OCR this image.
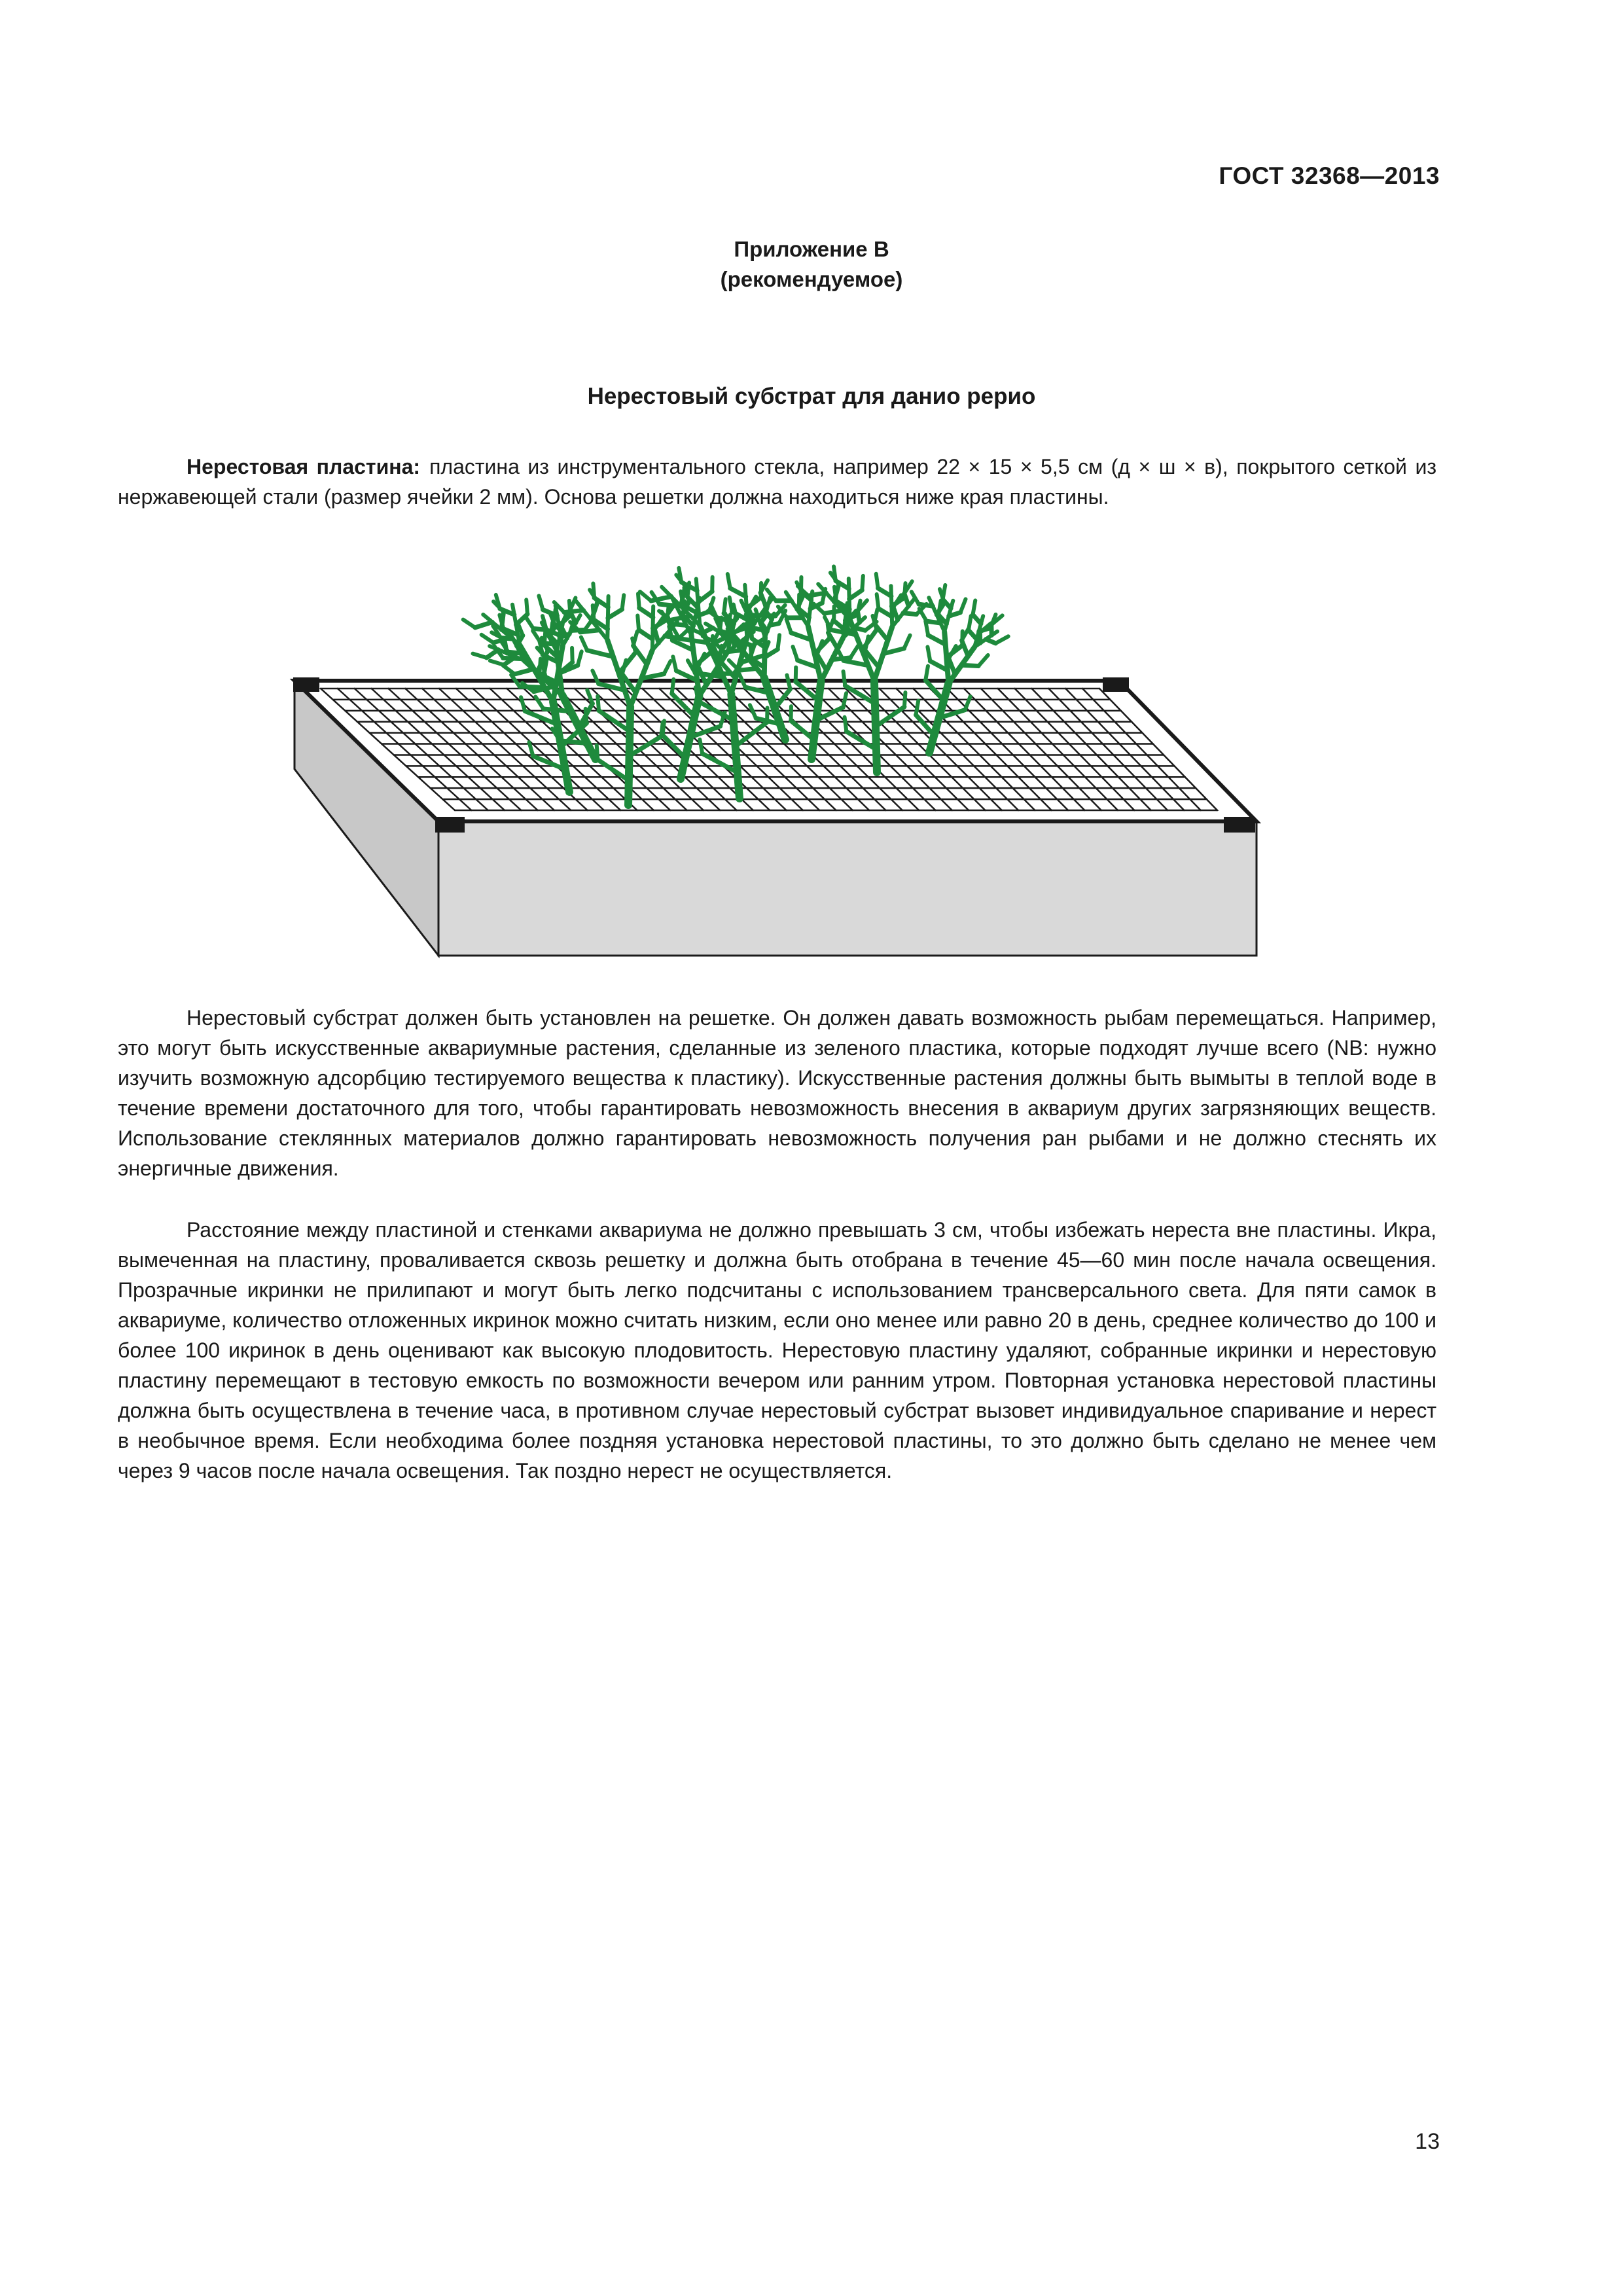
ГОСТ 32368—2013
Приложение В
(рекомендуемое)
Нерестовый субстрат для данио рерио

Нерестовая пластина: пластина из инструментального стекла, например 22 × 15 × 5,5 см (д × ш × в), покрытого сеткой из нержавеющей стали (размер ячейки 2 мм). Основа решетки должна находиться ниже края пластины.

Нерестовый субстрат должен быть установлен на решетке. Он должен давать возможность рыбам перемещаться. Например, это могут быть искусственные аквариумные растения, сделанные из зеленого пластика, которые подходят лучше всего (NB: нужно изучить возможную адсорбцию тестируемого вещества к пластику). Искусственные растения должны быть вымыты в теплой воде в течение времени достаточного для того, чтобы гарантировать невозможность внесения в аквариум других загрязняющих веществ. Использование стеклянных материалов должно гарантировать невозможность получения ран рыбами и не должно стеснять их энергичные движения.

Расстояние между пластиной и стенками аквариума не должно превышать 3 см, чтобы избежать нереста вне пластины. Икра, вымеченная на пластину, проваливается сквозь решетку и должна быть отобрана в течение 45—60 мин после начала освещения. Прозрачные икринки не прилипают и могут быть легко подсчитаны с использованием трансверсального света. Для пяти самок в аквариуме, количество отложенных икринок можно считать низким, если оно менее или равно 20 в день, среднее количество до 100 и более 100 икринок в день оценивают как высокую плодовитость. Нерестовую пластину удаляют, собранные икринки и нерестовую пластину перемещают в тестовую емкость по возможности вечером или ранним утром. Повторная установка нерестовой пластины должна быть осуществлена в течение часа, в противном случае нерестовый субстрат вызовет индивидуальное спаривание и нерест в необычное время. Если необходима более поздняя установка нерестовой пластины, то это должно быть сделано не менее чем через 9 часов после начала освещения. Так поздно нерест не осуществляется.

13
